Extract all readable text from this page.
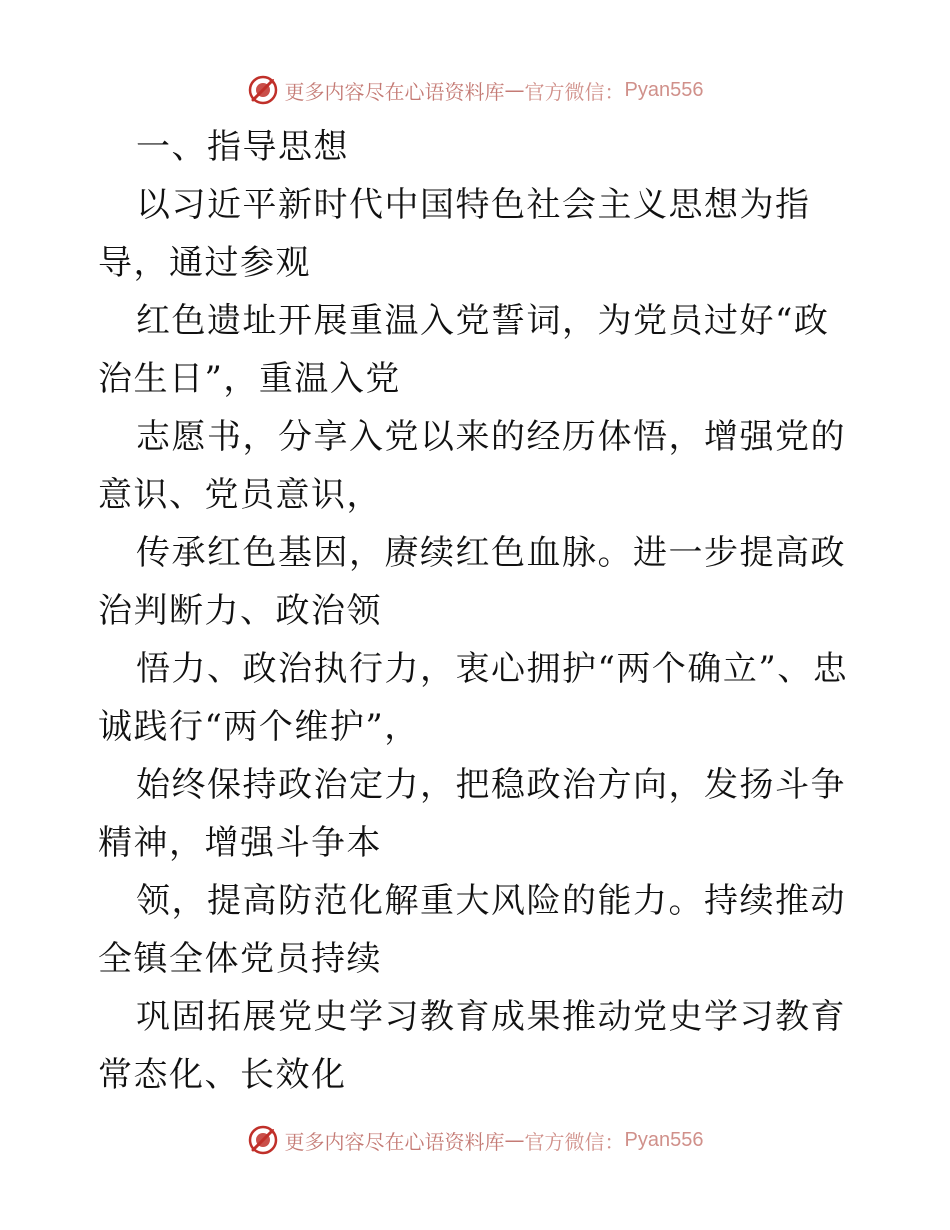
更多内容尽在心语资料库 — 官方微信： Pyan556

一、指导思想

以习近平新时代中国特色社会主义思想为指导，通过参观

红色遗址开展重温入党誓词，为党员过好“政治生日”，重温入党

志愿书，分享入党以来的经历体悟，增强党的意识、党员意识，

传承红色基因，赓续红色血脉。进一步提高政治判断力、政治领

悟力、政治执行力，衷心拥护“两个确立”、忠诚践行“两个维护”，

始终保持政治定力，把稳政治方向，发扬斗争精神，增强斗争本

领，提高防范化解重大风险的能力。持续推动全镇全体党员持续

巩固拓展党史学习教育成果推动党史学习教育常态化、长效化

更多内容尽在心语资料库 — 官方微信： Pyan556
